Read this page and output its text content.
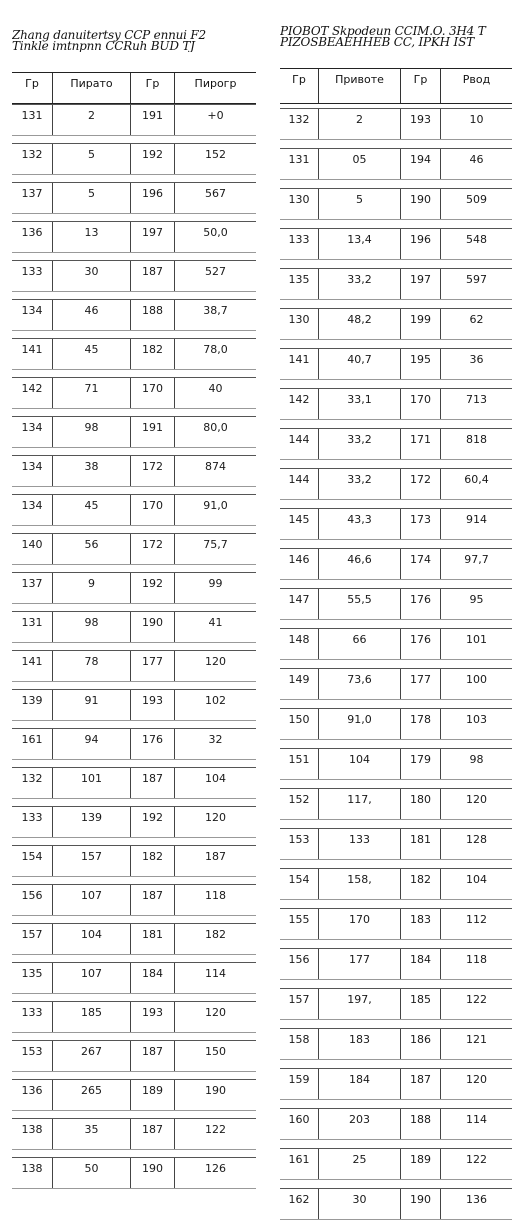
Zhang danuitertsy CCP ennui F2
Tinkle imtnpnn CCRuh BUD TJ
Гр	Пирато	Гр	Пирогр
131	2	191	+0
132	5	192	152
137	5	196	567
136	13	197	50,0
133	30	187	527
134	46	188	38,7
141	45	182	78,0
142	71	170	40
134	98	191	80,0
134	38	172	874
134	45	170	91,0
140	56	172	75,7
137	9	192	99
131	98	190	41
141	78	177	120
139	91	193	102
161	94	176	32
132	101	187	104
133	139	192	120
154	157	182	187
156	107	187	118
157	104	181	182
135	107	184	114
133	185	193	120
153	267	187	150
136	265	189	190
138	35	187	122
138	50	190	126
PIOBOT Skpodeun CCIM.O. 3H4 T
PIZOSBEAEHHEB CC, IPKH IST
Гр	Привоте	Гр	Рвод
132	2	193	10
131	05	194	46
130	5	190	509
133	13,4	196	548
135	33,2	197	597
130	48,2	199	62
141	40,7	195	36
142	33,1	170	713
144	33,2	171	818
144	33,2	172	60,4
145	43,3	173	914
146	46,6	174	97,7
147	55,5	176	95
148	66	176	101
149	73,6	177	100
150	91,0	178	103
151	104	179	98
152	117,	180	120
153	133	181	128
154	158,	182	104
155	170	183	112
156	177	184	118
157	197,	185	122
158	183	186	121
159	184	187	120
160	203	188	114
161	25	189	122
162	30	190	136
